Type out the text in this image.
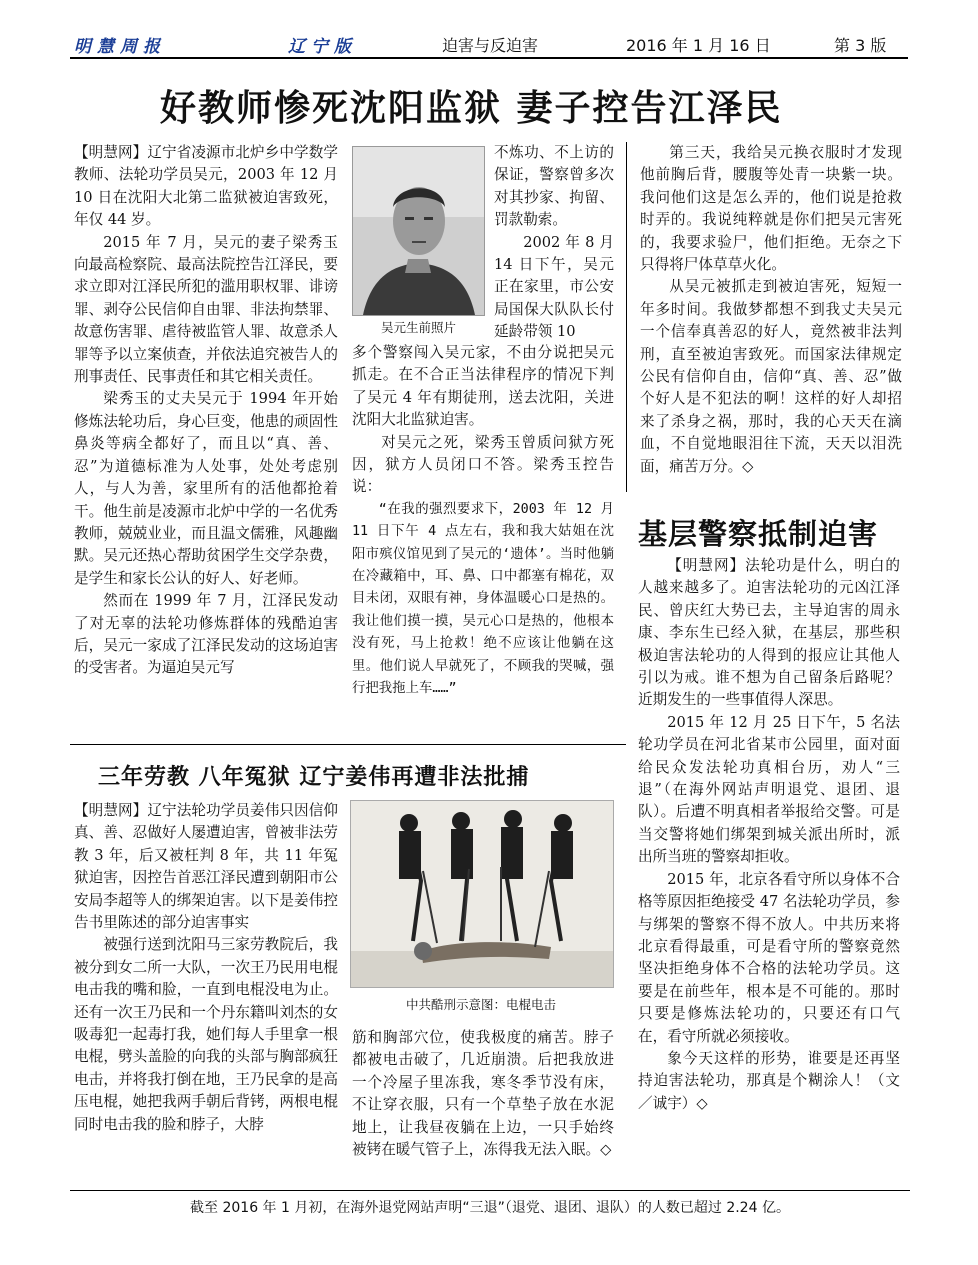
明慧周报	辽宁版	迫害与反迫害	2016 年 1 月 16 日	第 3 版
好教师惨死沈阳监狱 妻子控告江泽民

【明慧网】辽宁省凌源市北炉乡中学数学教师、法轮功学员吴元，2003 年 12 月 10 日在沈阳大北第二监狱被迫害致死，年仅 44 岁。

2015 年 7 月，吴元的妻子梁秀玉向最高检察院、最高法院控告江泽民，要求立即对江泽民所犯的滥用职权罪、诽谤罪、剥夺公民信仰自由罪、非法拘禁罪、故意伤害罪、虐待被监管人罪、故意杀人罪等予以立案侦查，并依法追究被告人的刑事责任、民事责任和其它相关责任。

梁秀玉的丈夫吴元于 1994 年开始修炼法轮功后，身心巨变，他患的顽固性鼻炎等病全都好了，而且以“真、善、忍”为道德标准为人处事，处处考虑别人，与人为善，家里所有的活他都抢着干。他生前是凌源市北炉中学的一名优秀教师，兢兢业业，而且温文儒雅，风趣幽默。吴元还热心帮助贫困学生交学杂费，是学生和家长公认的好人、好老师。

然而在 1999 年 7 月，江泽民发动了对无辜的法轮功修炼群体的残酷迫害后，吴元一家成了江泽民发动的这场迫害的受害者。为逼迫吴元写

吴元生前照片

不炼功、不上访的保证，警察曾多次对其抄家、拘留、罚款勒索。

2002 年 8 月 14 日下午，吴元正在家里，市公安局国保大队队长付延龄带领 10

多个警察闯入吴元家，不由分说把吴元抓走。在不合正当法律程序的情况下判了吴元 4 年有期徒刑，送去沈阳，关进沈阳大北监狱迫害。

对吴元之死，梁秀玉曾质问狱方死因，狱方人员闭口不答。梁秀玉控告说：

“在我的强烈要求下，2003 年 12 月 11 日下午 4 点左右，我和我大姑姐在沈阳市殡仪馆见到了吴元的‘遗体’。当时他躺在冷藏箱中，耳、鼻、口中都塞有棉花，双目未闭，双眼有神，身体温暖心口是热的。我让他们摸一摸，吴元心口是热的，他根本没有死，马上抢救！绝不应该让他躺在这里。他们说人早就死了，不顾我的哭喊，强行把我拖上车……”

第三天，我给吴元换衣服时才发现他前胸后背，腰腹等处青一块紫一块。我问他们这是怎么弄的，他们说是抢救时弄的。我说纯粹就是你们把吴元害死的，我要求验尸，他们拒绝。无奈之下只得将尸体草草火化。

从吴元被抓走到被迫害死，短短一年多时间。我做梦都想不到我丈夫吴元一个信奉真善忍的好人，竟然被非法判刑，直至被迫害致死。而国家法律规定公民有信仰自由，信仰“真、善、忍”做个好人是不犯法的啊！这样的好人却招来了杀身之祸，那时，我的心天天在滴血，不自觉地眼泪往下流，天天以泪洗面，痛苦万分。◇

基层警察抵制迫害

【明慧网】法轮功是什么，明白的人越来越多了。迫害法轮功的元凶江泽民、曾庆红大势已去，主导迫害的周永康、李东生已经入狱，在基层，那些积极迫害法轮功的人得到的报应让其他人引以为戒。谁不想为自己留条后路呢？近期发生的一些事值得人深思。

2015 年 12 月 25 日下午，5 名法轮功学员在河北省某市公园里，面对面给民众发法轮功真相台历，劝人“三退”（在海外网站声明退党、退团、退队）。后遭不明真相者举报给交警。可是当交警将她们绑架到城关派出所时，派出所当班的警察却拒收。

2015 年，北京各看守所以身体不合格等原因拒绝接受 47 名法轮功学员，参与绑架的警察不得不放人。中共历来将北京看得最重，可是看守所的警察竟然坚决拒绝身体不合格的法轮功学员。这要是在前些年，根本是不可能的。那时只要是修炼法轮功的，只要还有口气在，看守所就必须接收。

象今天这样的形势，谁要是还再坚持迫害法轮功，那真是个糊涂人！（文／诚宇）◇

三年劳教 八年冤狱 辽宁姜伟再遭非法批捕

【明慧网】辽宁法轮功学员姜伟只因信仰真、善、忍做好人屡遭迫害，曾被非法劳教 3 年，后又被枉判 8 年，共 11 年冤狱迫害，因控告首恶江泽民遭到朝阳市公安局李超等人的绑架迫害。以下是姜伟控告书里陈述的部分迫害事实

被强行送到沈阳马三家劳教院后，我被分到女二所一大队，一次王乃民用电棍电击我的嘴和脸，一直到电棍没电为止。还有一次王乃民和一个丹东籍叫刘杰的女吸毒犯一起毒打我，她们每人手里拿一根电棍，劈头盖脸的向我的头部与胸部疯狂电击，并将我打倒在地，王乃民拿的是高压电棍，她把我两手朝后背铐，两根电棍同时电击我的脸和脖子，大脖

中共酷刑示意图：电棍电击

筋和胸部穴位，使我极度的痛苦。脖子都被电击破了，几近崩溃。后把我放进一个冷屋子里冻我，寒冬季节没有床，不让穿衣服，只有一个草垫子放在水泥地上，让我昼夜躺在上边，一只手始终被铐在暖气管子上，冻得我无法入眠。◇

截至 2016 年 1 月初，在海外退党网站声明“三退”（退党、退团、退队）的人数已超过 2.24 亿。
